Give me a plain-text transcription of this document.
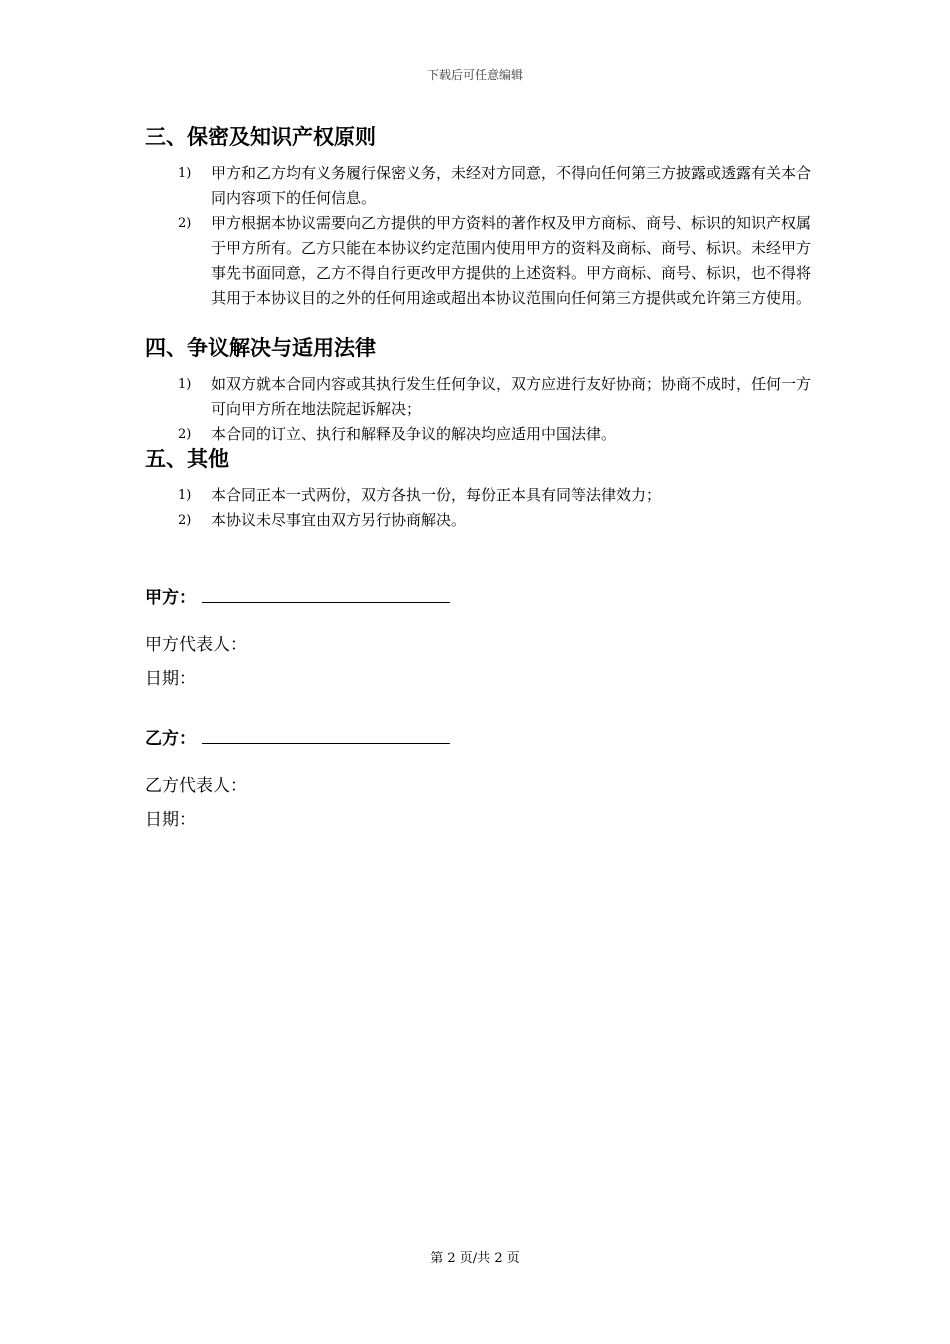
下载后可任意编辑
三、保密及知识产权原则
1) 甲方和乙方均有义务履行保密义务，未经对方同意，不得向任何第三方披露或透露有关本合同内容项下的任何信息。
2) 甲方根据本协议需要向乙方提供的甲方资料的著作权及甲方商标、商号、标识的知识产权属于甲方所有。乙方只能在本协议约定范围内使用甲方的资料及商标、商号、标识。未经甲方事先书面同意，乙方不得自行更改甲方提供的上述资料。甲方商标、商号、标识，也不得将其用于本协议目的之外的任何用途或超出本协议范围向任何第三方提供或允许第三方使用。
四、争议解决与适用法律
1) 如双方就本合同内容或其执行发生任何争议，双方应进行友好协商；协商不成时，任何一方可向甲方所在地法院起诉解决；
2) 本合同的订立、执行和解释及争议的解决均应适用中国法律。
五、其他
1) 本合同正本一式两份，双方各执一份，每份正本具有同等法律效力；
2) 本协议未尽事宜由双方另行协商解决。
甲方：
甲方代表人：
日期：
乙方：
乙方代表人：
日期：
第 2 页/共 2 页
